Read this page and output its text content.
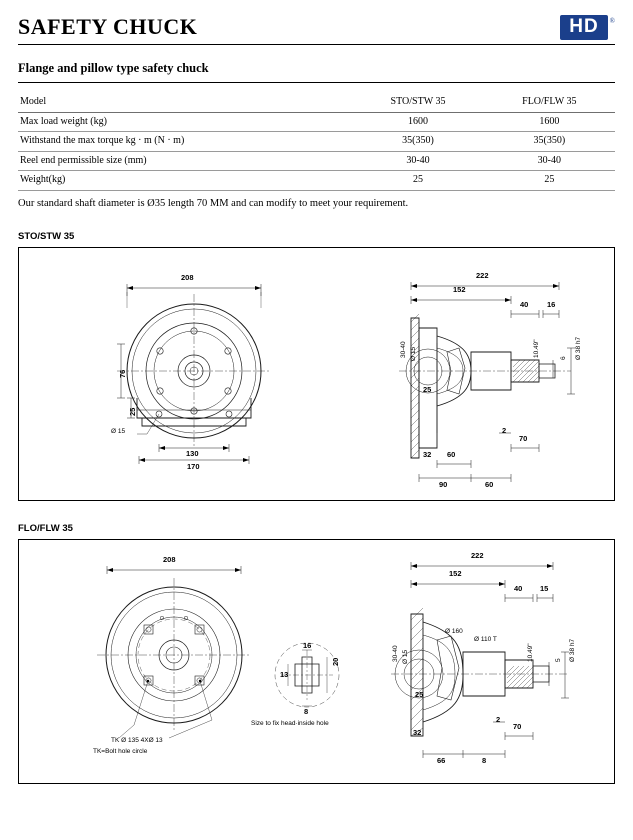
SAFETY CHUCK	HD	®
Flange and pillow type safety chuck
Model	STO/STW 35	FLO/FLW 35
Max load weight (kg)	1600	1600
Withstand the max torque kg · m (N · m)	35(350)	35(350)
Reel end permissible size (mm)	30-40	30-40
Weight(kg)	25	25
Our standard shaft diameter is Ø35 length 70 MM and can modify to meet your requirement.
STO/STW 35
208
170
130
76
25
Ø 15
222
152
40 16
10.49"	Ø 38 h7
6
30-40 Ø 15
25
2
70
32 60
90	60
FLO/FLW 35
208	222
152
40 15
Ø 160
Ø 110 T
10.49"	Ø 38 h7
5
30-40 Ø 15
25
2
70
32
66	8
16
13
20
8
TK Ø 135 4XØ 13
TK=Bolt hole circle
Size to fix head·inside hole
